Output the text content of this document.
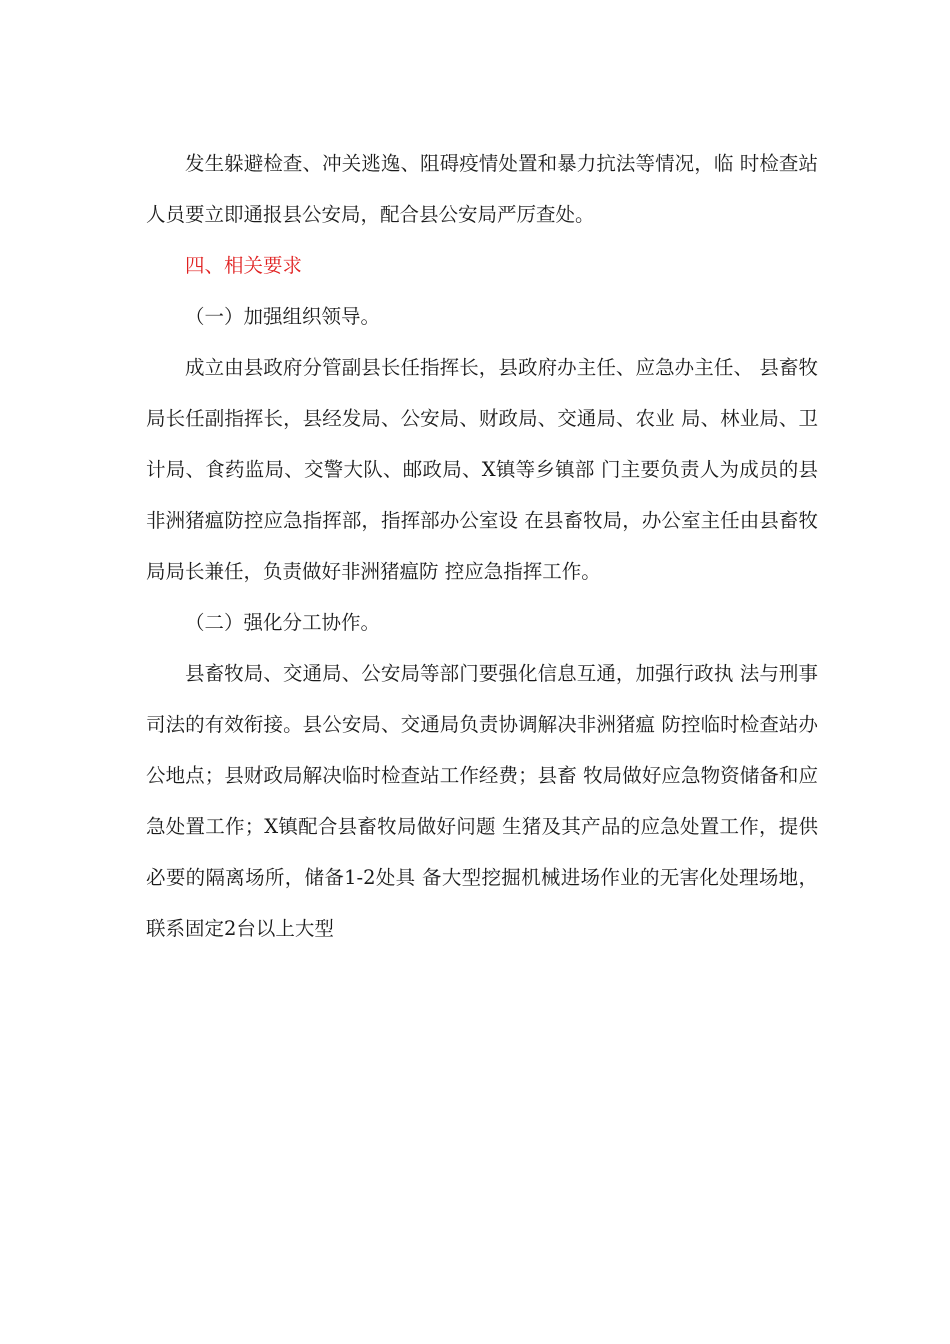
发生躲避检查、冲关逃逸、阻碍疫情处置和暴力抗法等情况，临 时检查站人员要立即通报县公安局，配合县公安局严厉查处。

四、相关要求

（一）加强组织领导。

成立由县政府分管副县长任指挥长，县政府办主任、应急办主任、 县畜牧局长任副指挥长，县经发局、公安局、财政局、交通局、农业 局、林业局、卫计局、食药监局、交警大队、邮政局、X镇等乡镇部 门主要负责人为成员的县非洲猪瘟防控应急指挥部，指挥部办公室设 在县畜牧局，办公室主任由县畜牧局局长兼任，负责做好非洲猪瘟防 控应急指挥工作。

（二）强化分工协作。

县畜牧局、交通局、公安局等部门要强化信息互通，加强行政执 法与刑事司法的有效衔接。县公安局、交通局负责协调解决非洲猪瘟 防控临时检查站办公地点；县财政局解决临时检查站工作经费；县畜 牧局做好应急物资储备和应急处置工作；X镇配合县畜牧局做好问题 生猪及其产品的应急处置工作，提供必要的隔离场所，储备1-2处具 备大型挖掘机械进场作业的无害化处理场地，联系固定2台以上大型
